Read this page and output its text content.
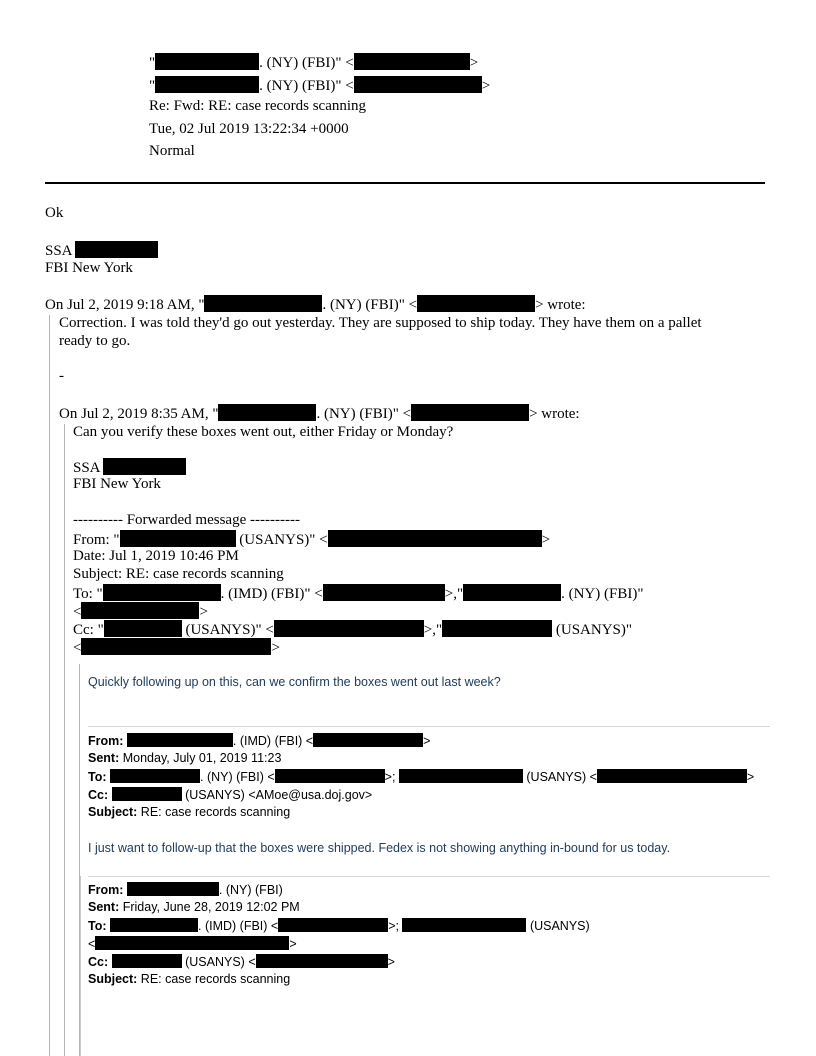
"	. (NY) (FBI)" <	>
"	. (NY) (FBI)" <	>
Re: Fwd: RE: case records scanning
Tue, 02 Jul 2019 13:22:34 +0000
Normal
Ok
SSA
FBI New York
On Jul 2, 2019 9:18 AM, "	. (NY) (FBI)" <	> wrote:
Correction. I was told they'd go out yesterday. They are supposed to ship today. They have them on a pallet
ready to go.
-
On Jul 2, 2019 8:35 AM, "	. (NY) (FBI)" <	> wrote:
Can you verify these boxes went out, either Friday or Monday?
SSA
FBI New York
---------- Forwarded message ----------
From: "	(USANYS)" <	>
Date: Jul 1, 2019 10:46 PM
Subject: RE: case records scanning
To: "	. (IMD) (FBI)" <	>,"	. (NY) (FBI)"
<	>
Cc: "	(USANYS)" <	>,"	(USANYS)"
<	>
Quickly following up on this, can we confirm the boxes went out last week?
From:	. (IMD) (FBI) <	>
Sent: Monday, July 01, 2019 11:23
To:	. (NY) (FBI) <	>;	(USANYS) <	>
Cc:	(USANYS) <AMoe@usa.doj.gov>
Subject: RE: case records scanning
I just want to follow-up that the boxes were shipped. Fedex is not showing anything in-bound for us today.
From:	. (NY) (FBI)
Sent: Friday, June 28, 2019 12:02 PM
To:	. (IMD) (FBI) <	>;	(USANYS)
<	>
Cc:	(USANYS) <	>
Subject: RE: case records scanning
